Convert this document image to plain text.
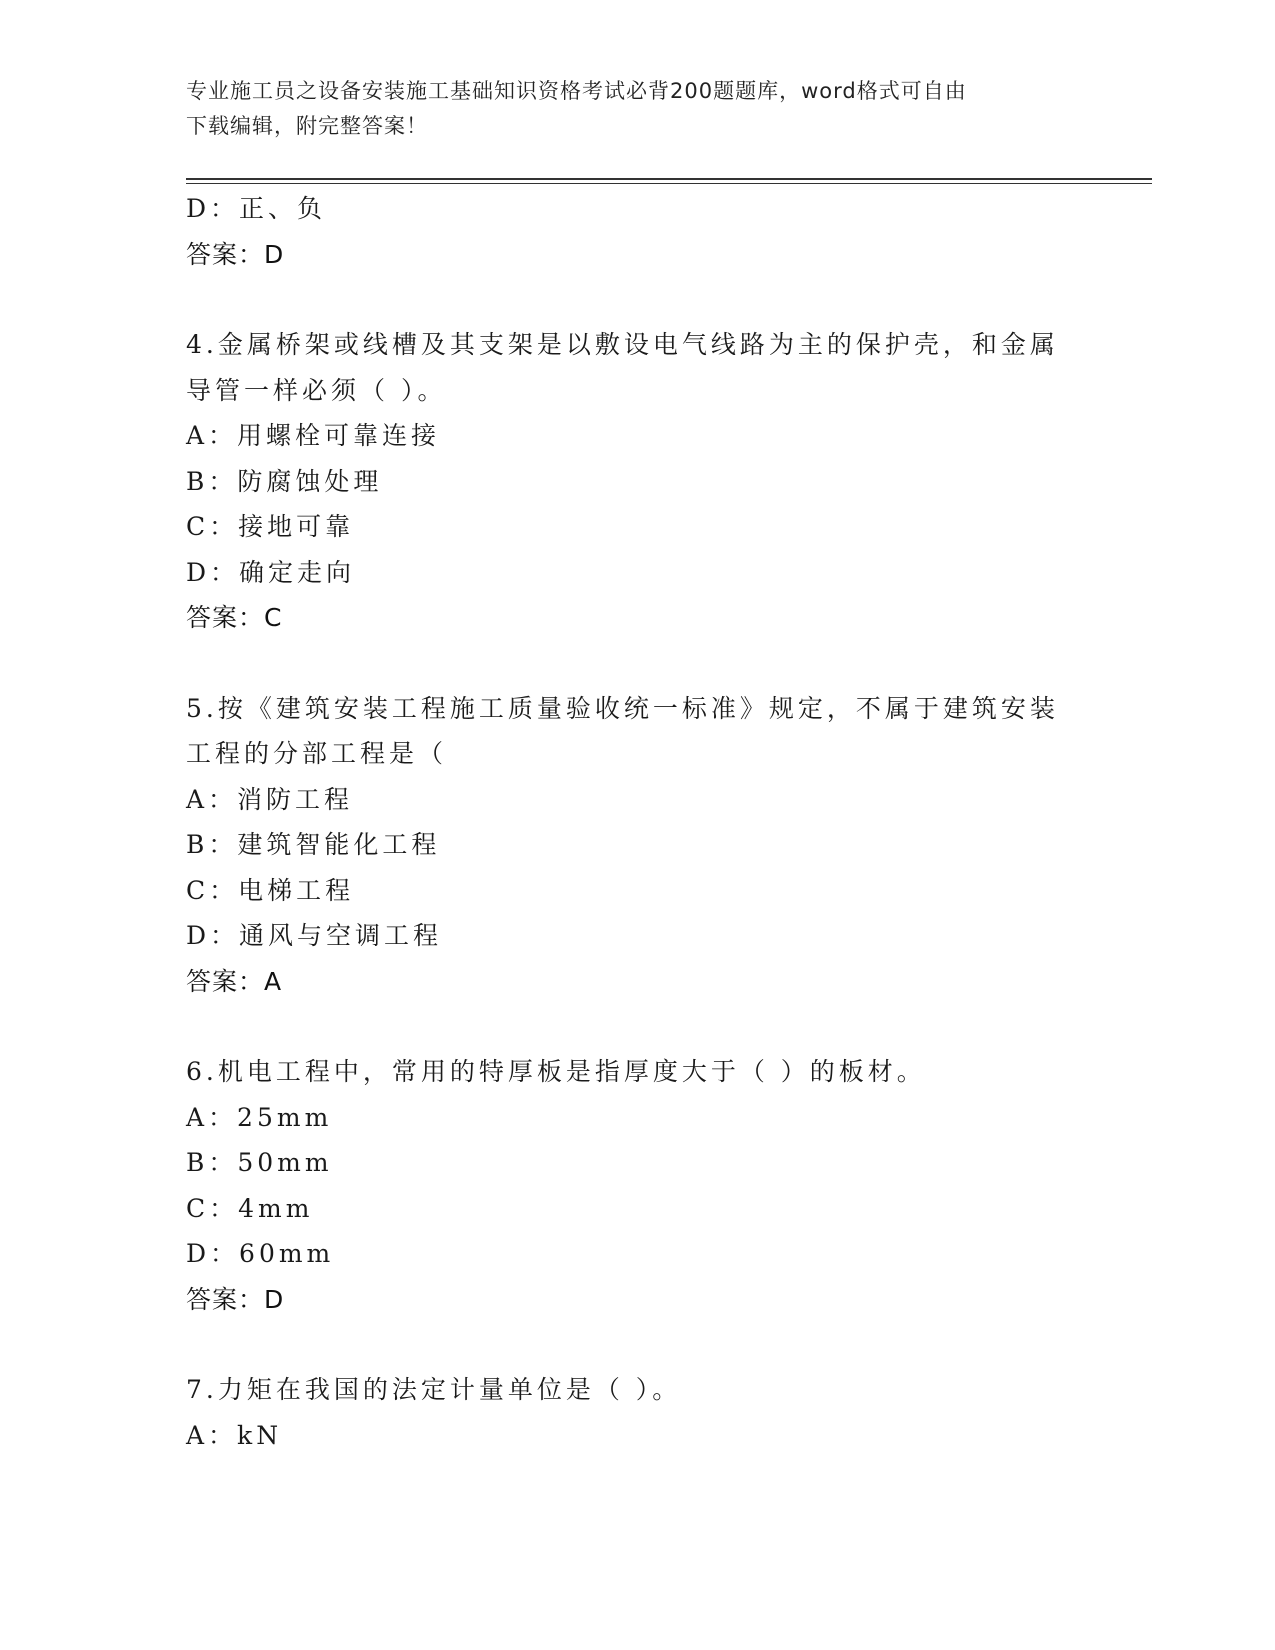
专业施工员之设备安装施工基础知识资格考试必背200题题库，word格式可自由
下载编辑，附完整答案！
D：正、负
答案：D
4.金属桥架或线槽及其支架是以敷设电气线路为主的保护壳，和金属
导管一样必须（ ）。
A：用螺栓可靠连接
B：防腐蚀处理
C：接地可靠
D：确定走向
答案：C
5.按《建筑安装工程施工质量验收统一标准》规定，不属于建筑安装
工程的分部工程是（
A：消防工程
B：建筑智能化工程
C：电梯工程
D：通风与空调工程
答案：A
6.机电工程中，常用的特厚板是指厚度大于（ ）的板材。
A：25mm
B：50mm
C：4mm
D：60mm
答案：D
7.力矩在我国的法定计量单位是（ ）。
A：kN
